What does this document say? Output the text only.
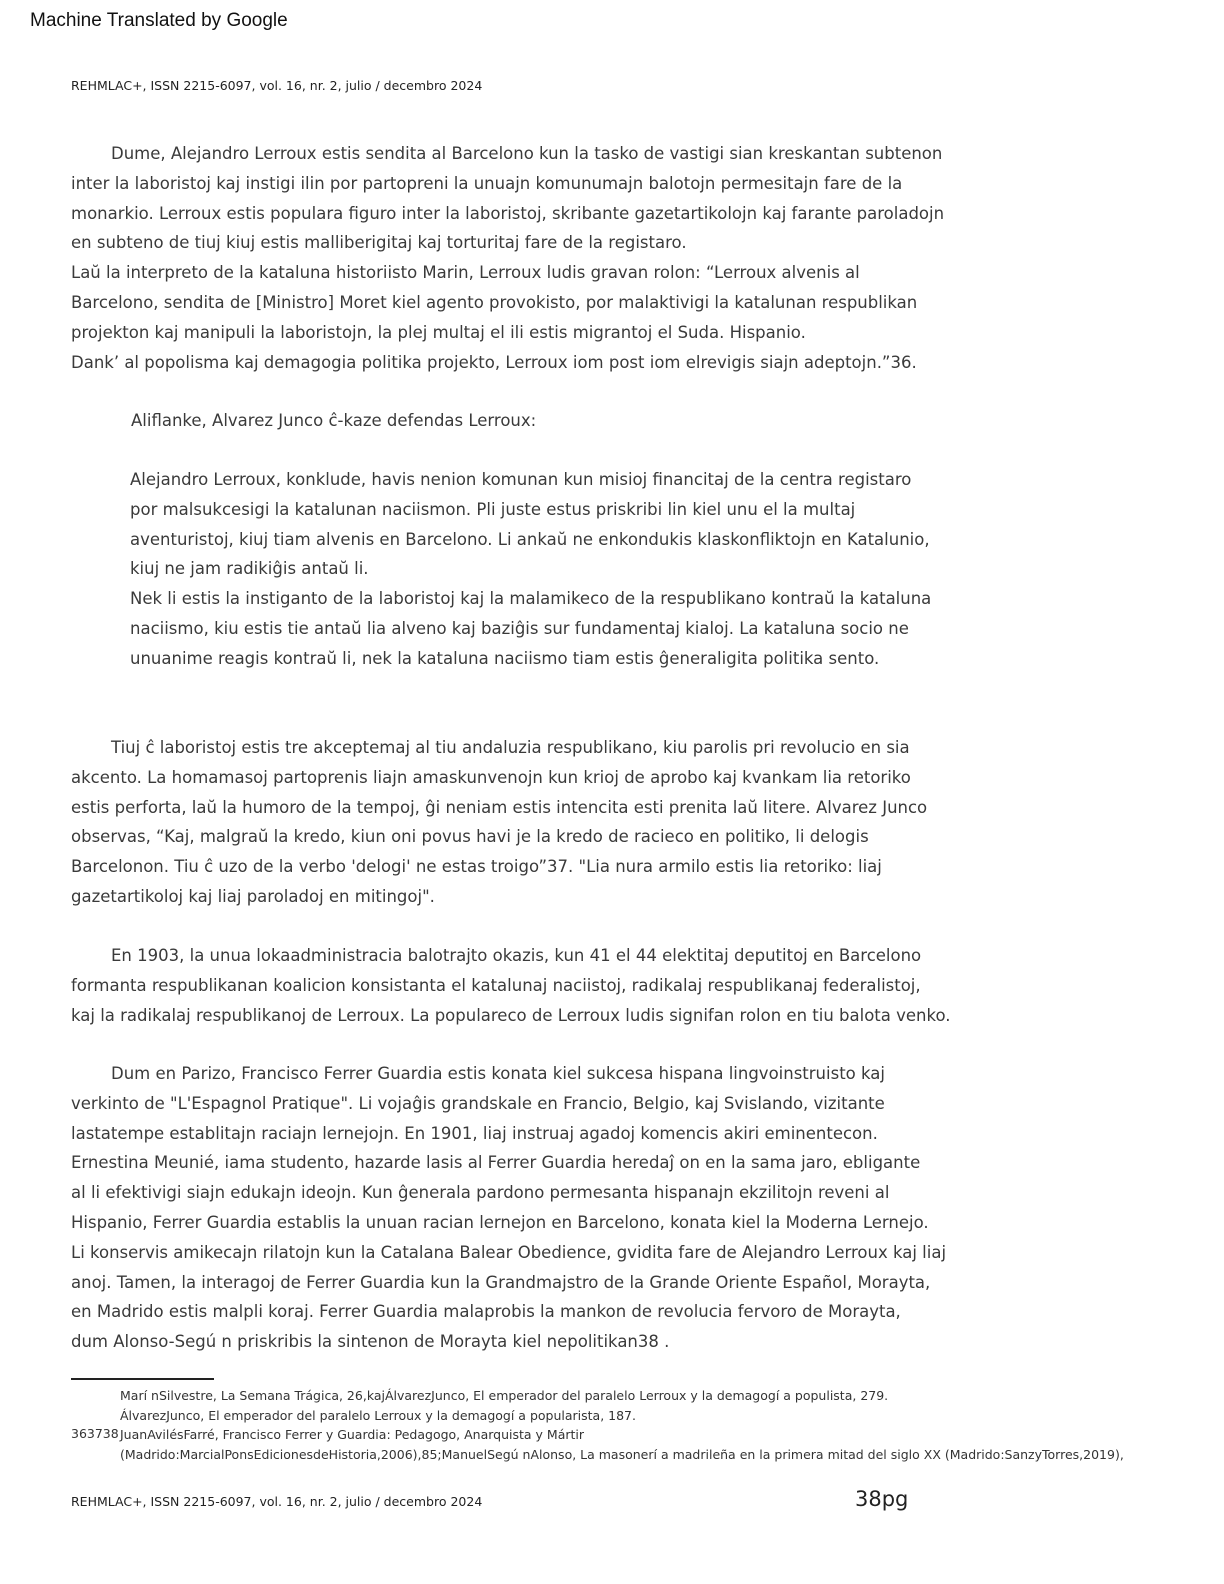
Machine Translated by Google
REHMLAC+, ISSN 2215-6097, vol. 16, nr. 2, julio / decembro 2024
Dume, Alejandro Lerroux estis sendita al Barcelono kun la tasko de vastigi sian kreskantan subtenon
inter la laboristoj kaj instigi ilin por partopreni la unuajn komunumajn balotojn permesitajn fare de la
monarkio. Lerroux estis populara figuro inter la laboristoj, skribante gazetartikolojn kaj farante paroladojn
en subteno de tiuj kiuj estis malliberigitaj kaj torturitaj fare de la registaro.
Laŭ la interpreto de la kataluna historiisto Marin, Lerroux ludis gravan rolon: “Lerroux alvenis al
Barcelono, sendita de [Ministro] Moret kiel agento provokisto, por malaktivigi la katalunan respublikan
projekton kaj manipuli la laboristojn, la plej multaj el ili estis migrantoj el Suda. Hispanio.
Dank’ al popolisma kaj demagogia politika projekto, Lerroux iom post iom elrevigis siajn adeptojn.”36.
Aliflanke, Alvarez Junco ĉ-kaze defendas Lerroux:
Alejandro Lerroux, konklude, havis nenion komunan kun misioj financitaj de la centra registaro
por malsukcesigi la katalunan naciismon. Pli juste estus priskribi lin kiel unu el la multaj
aventuristoj, kiuj tiam alvenis en Barcelono. Li ankaŭ ne enkondukis klaskonfliktojn en Katalunio,
kiuj ne jam radikiĝis antaŭ li.
Nek li estis la instiganto de la laboristoj kaj la malamikeco de la respublikano kontraŭ la kataluna
naciismo, kiu estis tie antaŭ lia alveno kaj baziĝis sur fundamentaj kialoj. La kataluna socio ne
unuanime reagis kontraŭ li, nek la kataluna naciismo tiam estis ĝeneraligita politika sento.
Tiuj ĉ laboristoj estis tre akceptemaj al tiu andaluzia respublikano, kiu parolis pri revolucio en sia
akcento. La homamasoj partoprenis liajn amaskunvenojn kun krioj de aprobo kaj kvankam lia retoriko
estis perforta, laŭ la humoro de la tempoj, ĝi neniam estis intencita esti prenita laŭ litere. Alvarez Junco
observas, “Kaj, malgraŭ la kredo, kiun oni povus havi je la kredo de racieco en politiko, li delogis
Barcelonon. Tiu ĉ uzo de la verbo 'delogi' ne estas troigo”37. "Lia nura armilo estis lia retoriko: liaj
gazetartikoloj kaj liaj paroladoj en mitingoj".
En 1903, la unua lokaadministracia balotrajto okazis, kun 41 el 44 elektitaj deputitoj en Barcelono
formanta respublikanan koalicion konsistanta el katalunaj naciistoj, radikalaj respublikanaj federalistoj,
kaj la radikalaj respublikanoj de Lerroux. La populareco de Lerroux ludis signifan rolon en tiu balota venko.
Dum en Parizo, Francisco Ferrer Guardia estis konata kiel sukcesa hispana lingvoinstruisto kaj
verkinto de "L'Espagnol Pratique". Li vojaĝis grandskale en Francio, Belgio, kaj Svislando, vizitante
lastatempe establitajn raciajn lernejojn. En 1901, liaj instruaj agadoj komencis akiri eminentecon.
Ernestina Meunié, iama studento, hazarde lasis al Ferrer Guardia heredaĵ on en la sama jaro, ebligante
al li efektivigi siajn edukajn ideojn. Kun ĝenerala pardono permesanta hispanajn ekzilitojn reveni al
Hispanio, Ferrer Guardia establis la unuan racian lernejon en Barcelono, konata kiel la Moderna Lernejo.
Li konservis amikecajn rilatojn kun la Catalana Balear Obedience, gvidita fare de Alejandro Lerroux kaj liaj
anoj. Tamen, la interagoj de Ferrer Guardia kun la Grandmajstro de la Grande Oriente Español, Morayta,
en Madrido estis malpli koraj. Ferrer Guardia malaprobis la mankon de revolucia fervoro de Morayta,
dum Alonso-Segú n priskribis la sintenon de Morayta kiel nepolitikan38 .
363738
Marí nSilvestre, La Semana Trágica, 26,kajÁlvarezJunco, El emperador del paralelo Lerroux y la demagogí a populista, 279.
ÁlvarezJunco, El emperador del paralelo Lerroux y la demagogí a popularista, 187.
JuanAvilésFarré, Francisco Ferrer y Guardia: Pedagogo, Anarquista y Mártir
(Madrido:MarcialPonsEdicionesdeHistoria,2006),85;ManuelSegú nAlonso, La masonerí a madrileña en la primera mitad del siglo XX (Madrido:SanzyTorres,2019),
REHMLAC+, ISSN 2215-6097, vol. 16, nr. 2, julio / decembro 2024	38pg
